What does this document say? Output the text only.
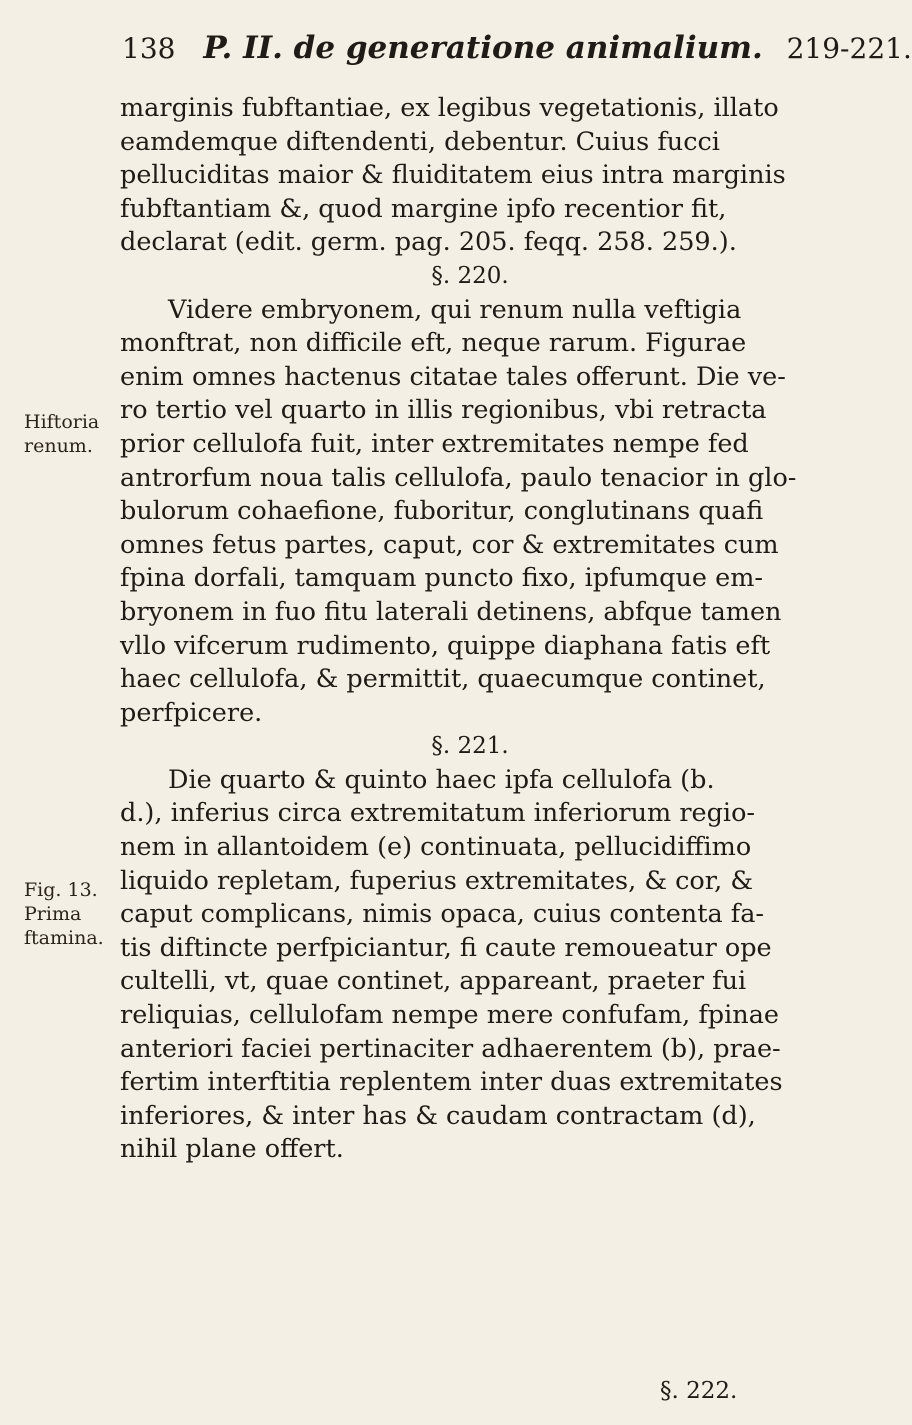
138 P. II. de generatione animalium. 219-221.
Hiftoria
renum.
Fig. 13.
Prima
ftamina.

marginis fubftantiae, ex legibus vegetationis, illato
eamdemque diftendenti, debentur. Cuius fucci
pelluciditas maior & fluiditatem eius intra marginis
fubftantiam &, quod margine ipfo recentior fit,
declarat (edit. germ. pag. 205. feqq. 258. 259.).

§. 220.

Videre embryonem, qui renum nulla veftigia
monftrat, non difficile eft, neque rarum. Figurae
enim omnes hactenus citatae tales offerunt. Die ve-
ro tertio vel quarto in illis regionibus, vbi retracta
prior cellulofa fuit, inter extremitates nempe fed
antrorfum noua talis cellulofa, paulo tenacior in glo-
bulorum cohaefione, fuboritur, conglutinans quafi
omnes fetus partes, caput, cor & extremitates cum
fpina dorfali, tamquam puncto fixo, ipfumque em-
bryonem in fuo fitu laterali detinens, abfque tamen
vllo vifcerum rudimento, quippe diaphana fatis eft
haec cellulofa, & permittit, quaecumque continet,
perfpicere.

§. 221.

Die quarto & quinto haec ipfa cellulofa (b.
d.), inferius circa extremitatum inferiorum regio-
nem in allantoidem (e) continuata, pellucidiffimo
liquido repletam, fuperius extremitates, & cor, &
caput complicans, nimis opaca, cuius contenta fa-
tis diftincte perfpiciantur, fi caute remoueatur ope
cultelli, vt, quae continet, appareant, praeter fui
reliquias, cellulofam nempe mere confufam, fpinae
anteriori faciei pertinaciter adhaerentem (b), prae-
fertim interftitia replentem inter duas extremitates
inferiores, & inter has & caudam contractam (d),
nihil plane offert.

§. 222.
